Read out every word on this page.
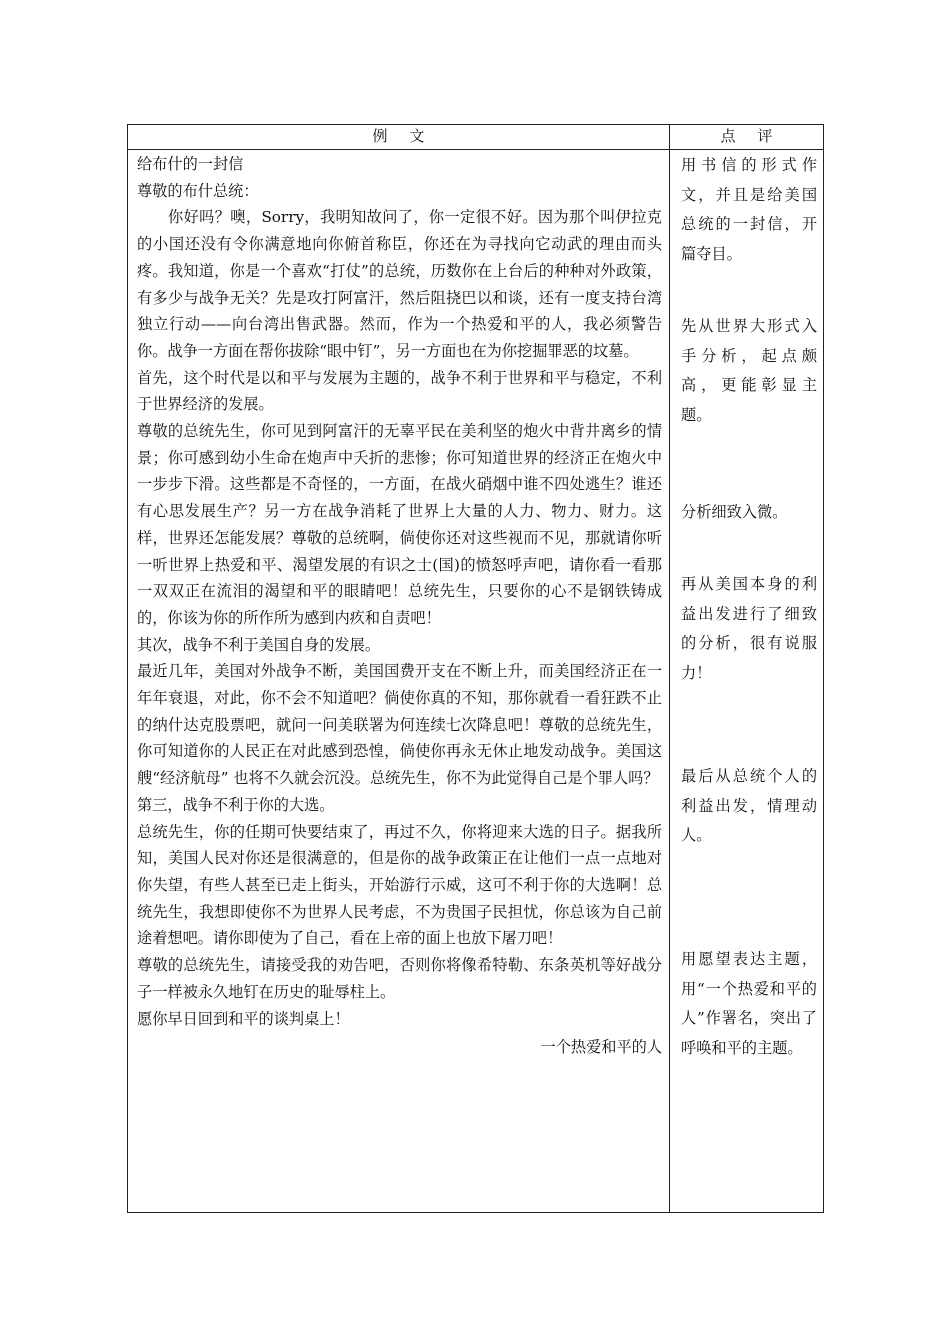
例文	点评

给布什的一封信

尊敬的布什总统：

你好吗？噢，Sorry，我明知故问了，你一定很不好。因为那个叫伊拉克的小国还没有令你满意地向你俯首称臣，你还在为寻找向它动武的理由而头疼。我知道，你是一个喜欢“打仗”的总统，历数你在上台后的种种对外政策，有多少与战争无关？先是攻打阿富汗，然后阻挠巴以和谈，还有一度支持台湾独立行动——向台湾出售武器。然而，作为一个热爱和平的人，我必须警告你。战争一方面在帮你拔除“眼中钉”，另一方面也在为你挖掘罪恶的坟墓。

首先，这个时代是以和平与发展为主题的，战争不利于世界和平与稳定，不利于世界经济的发展。

尊敬的总统先生，你可见到阿富汗的无辜平民在美利坚的炮火中背井离乡的情景；你可感到幼小生命在炮声中夭折的悲惨；你可知道世界的经济正在炮火中一步步下滑。这些都是不奇怪的，一方面，在战火硝烟中谁不四处逃生？谁还有心思发展生产？另一方在战争消耗了世界上大量的人力、物力、财力。这样，世界还怎能发展？尊敬的总统啊，倘使你还对这些视而不见，那就请你听一听世界上热爱和平、渴望发展的有识之士(国)的愤怒呼声吧，请你看一看那一双双正在流泪的渴望和平的眼睛吧！总统先生，只要你的心不是钢铁铸成的，你该为你的所作所为感到内疚和自责吧！

其次，战争不利于美国自身的发展。

最近几年，美国对外战争不断，美国国费开支在不断上升，而美国经济正在一年年衰退，对此，你不会不知道吧？倘使你真的不知，那你就看一看狂跌不止的纳什达克股票吧，就问一问美联署为何连续七次降息吧！尊敬的总统先生，你可知道你的人民正在对此感到恐惶，倘使你再永无休止地发动战争。美国这艘“经济航母” 也将不久就会沉没。总统先生，你不为此觉得自己是个罪人吗？

第三，战争不利于你的大选。

总统先生，你的任期可快要结束了，再过不久，你将迎来大选的日子。据我所知，美国人民对你还是很满意的，但是你的战争政策正在让他们一点一点地对你失望，有些人甚至已走上街头，开始游行示威，这可不利于你的大选啊！总统先生，我想即使你不为世界人民考虑，不为贵国子民担忧，你总该为自己前途着想吧。请你即使为了自己，看在上帝的面上也放下屠刀吧！

尊敬的总统先生，请接受我的劝告吧，否则你将像希特勒、东条英机等好战分子一样被永久地钉在历史的耻辱柱上。

愿你早日回到和平的谈判桌上！

一个热爱和平的人

用书信的形式作文，并且是给美国总统的一封信，开篇夺目。
先从世界大形式入手分析，起点颇高，更能彰显主题。
分析细致入微。
再从美国本身的利益出发进行了细致的分析，很有说服力！
最后从总统个人的利益出发，情理动人。
用愿望表达主题，用“一个热爱和平的人”作署名，突出了呼唤和平的主题。
